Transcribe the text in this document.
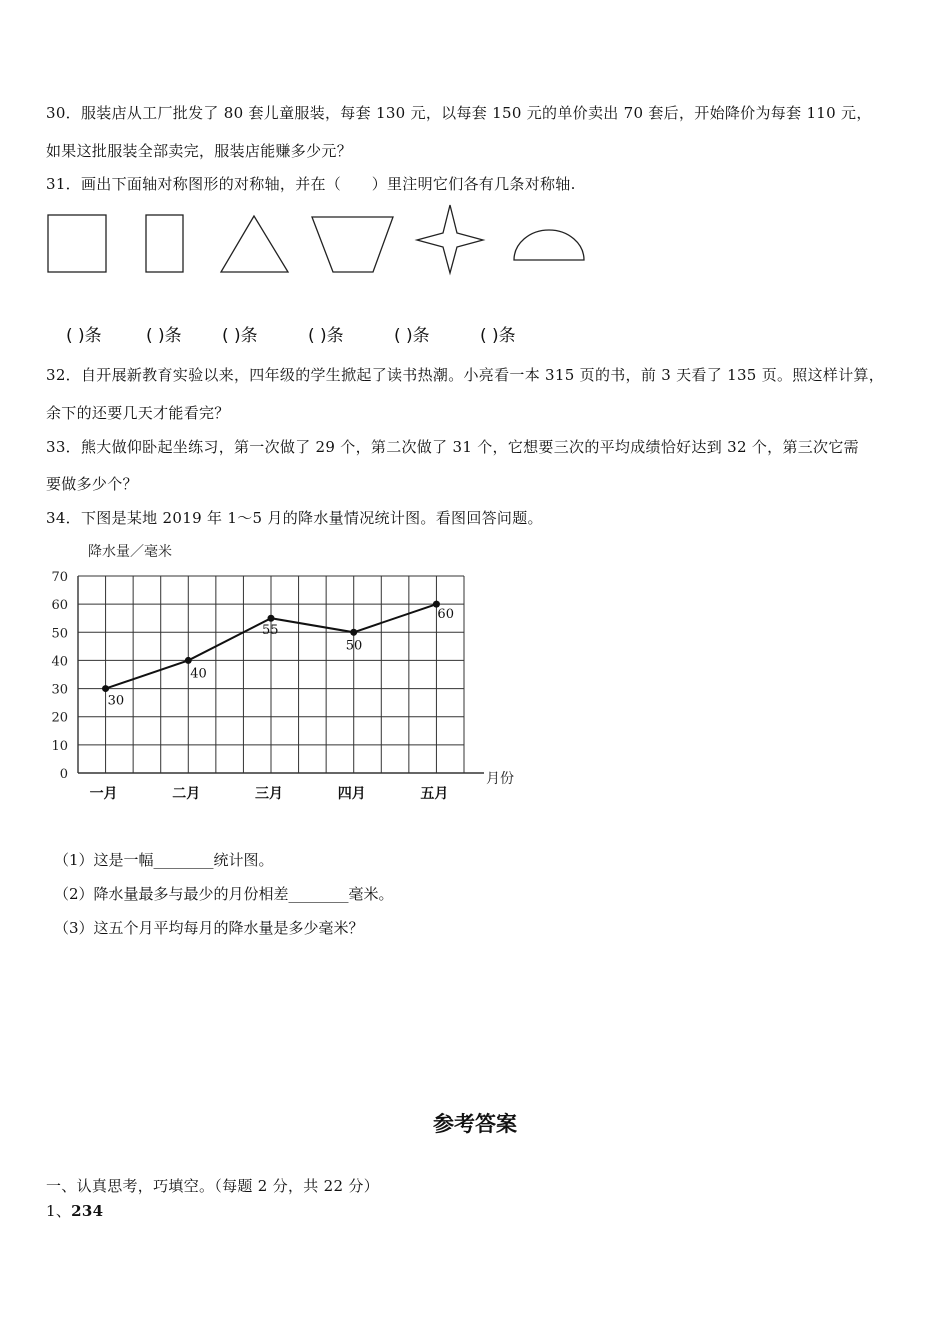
30．服装店从工厂批发了 80 套儿童服装，每套 130 元，以每套 150 元的单价卖出 70 套后，开始降价为每套 110 元，
如果这批服装全部卖完，服装店能赚多少元？
31．画出下面轴对称图形的对称轴，并在（　　）里注明它们各有几条对称轴.
( )条	( )条 ( )条	( )条	( )条	( )条
32．自开展新教育实验以来，四年级的学生掀起了读书热潮。小亮看一本 315 页的书，前 3 天看了 135 页。照这样计算，
余下的还要几天才能看完？
33．熊大做仰卧起坐练习，第一次做了 29 个，第二次做了 31 个，它想要三次的平均成绩恰好达到 32 个，第三次它需
要做多少个？
34．下图是某地 2019 年 1～5 月的降水量情况统计图。看图回答问题。
0
10
20
30
40
50
60
70
月份
降水量／毫米
30
一月
40
二月
55
三月
50
四月
60
五月
（1）这是一幅________统计图。
（2）降水量最多与最少的月份相差________毫米。
（3）这五个月平均每月的降水量是多少毫米？
参考答案
一、认真思考，巧填空。（每题 2 分，共 22 分）
1、234
